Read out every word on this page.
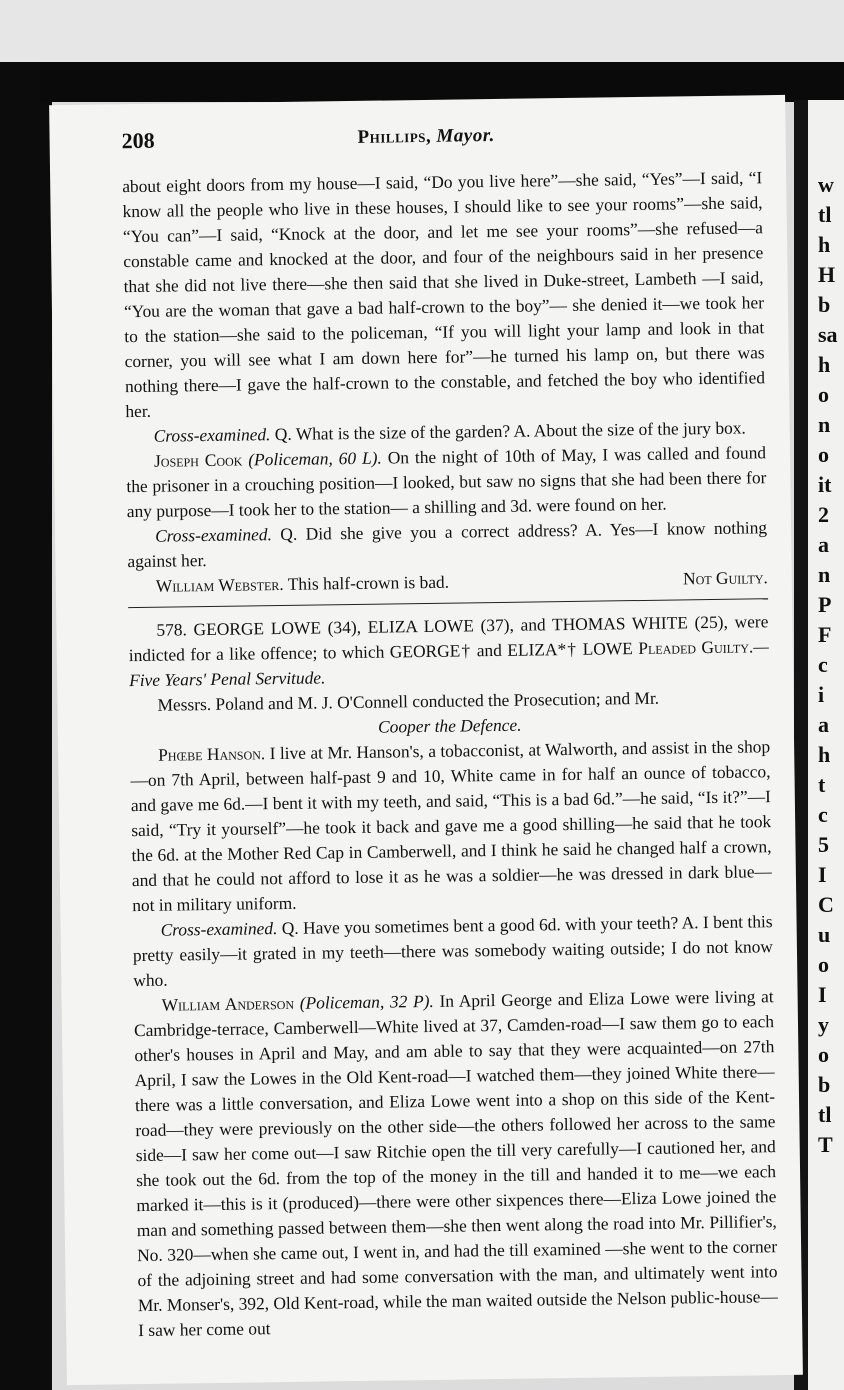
w
tl
h
H
b
sa
h
o
n
o
it
2
a
n
P
F
c
i
a
h
t
c
5
I
C
u
o
I
y
o
b
tl
T
208	Phillips, Mayor.

about eight doors from my house—I said, “Do you live here”—she said, “Yes”—I said, “I know all the people who live in these houses, I should like to see your rooms”—she said, “You can”—I said, “Knock at the door, and let me see your rooms”—she refused—a constable came and knocked at the door, and four of the neighbours said in her presence that she did not live there—she then said that she lived in Duke-street, Lambeth —I said, “You are the woman that gave a bad half-crown to the boy”— she denied it—we took her to the station—she said to the policeman, “If you will light your lamp and look in that corner, you will see what I am down here for”—he turned his lamp on, but there was nothing there—I gave the half-crown to the constable, and fetched the boy who identified her.

Cross-examined. Q. What is the size of the garden? A. About the size of the jury box.

Joseph Cook (Policeman, 60 L). On the night of 10th of May, I was called and found the prisoner in a crouching position—I looked, but saw no signs that she had been there for any purpose—I took her to the station— a shilling and 3d. were found on her.

Cross-examined. Q. Did she give you a correct address? A. Yes—I know nothing against her.

William Webster. This half-crown is bad.	Not Guilty.

578. GEORGE LOWE (34), ELIZA LOWE (37), and THOMAS WHITE (25), were indicted for a like offence; to which GEORGE† and ELIZA*† LOWE Pleaded Guilty.—Five Years' Penal Servitude.

Messrs. Poland and M. J. O'Connell conducted the Prosecution; and Mr.

Cooper the Defence.

Phœbe Hanson. I live at Mr. Hanson's, a tobacconist, at Walworth, and assist in the shop—on 7th April, between half-past 9 and 10, White came in for half an ounce of tobacco, and gave me 6d.—I bent it with my teeth, and said, “This is a bad 6d.”—he said, “Is it?”—I said, “Try it yourself”—he took it back and gave me a good shilling—he said that he took the 6d. at the Mother Red Cap in Camberwell, and I think he said he changed half a crown, and that he could not afford to lose it as he was a soldier—he was dressed in dark blue—not in military uniform.

Cross-examined. Q. Have you sometimes bent a good 6d. with your teeth? A. I bent this pretty easily—it grated in my teeth—there was somebody waiting outside; I do not know who.

William Anderson (Policeman, 32 P). In April George and Eliza Lowe were living at Cambridge-terrace, Camberwell—White lived at 37, Camden-road—I saw them go to each other's houses in April and May, and am able to say that they were acquainted—on 27th April, I saw the Lowes in the Old Kent-road—I watched them—they joined White there—there was a little conversation, and Eliza Lowe went into a shop on this side of the Kent-road—they were previously on the other side—the others followed her across to the same side—I saw her come out—I saw Ritchie open the till very carefully—I cautioned her, and she took out the 6d. from the top of the money in the till and handed it to me—we each marked it—this is it (produced)—there were other sixpences there—Eliza Lowe joined the man and something passed between them—she then went along the road into Mr. Pillifier's, No. 320—when she came out, I went in, and had the till examined —she went to the corner of the adjoining street and had some conversation with the man, and ultimately went into Mr. Monser's, 392, Old Kent-road, while the man waited outside the Nelson public-house—I saw her come out
